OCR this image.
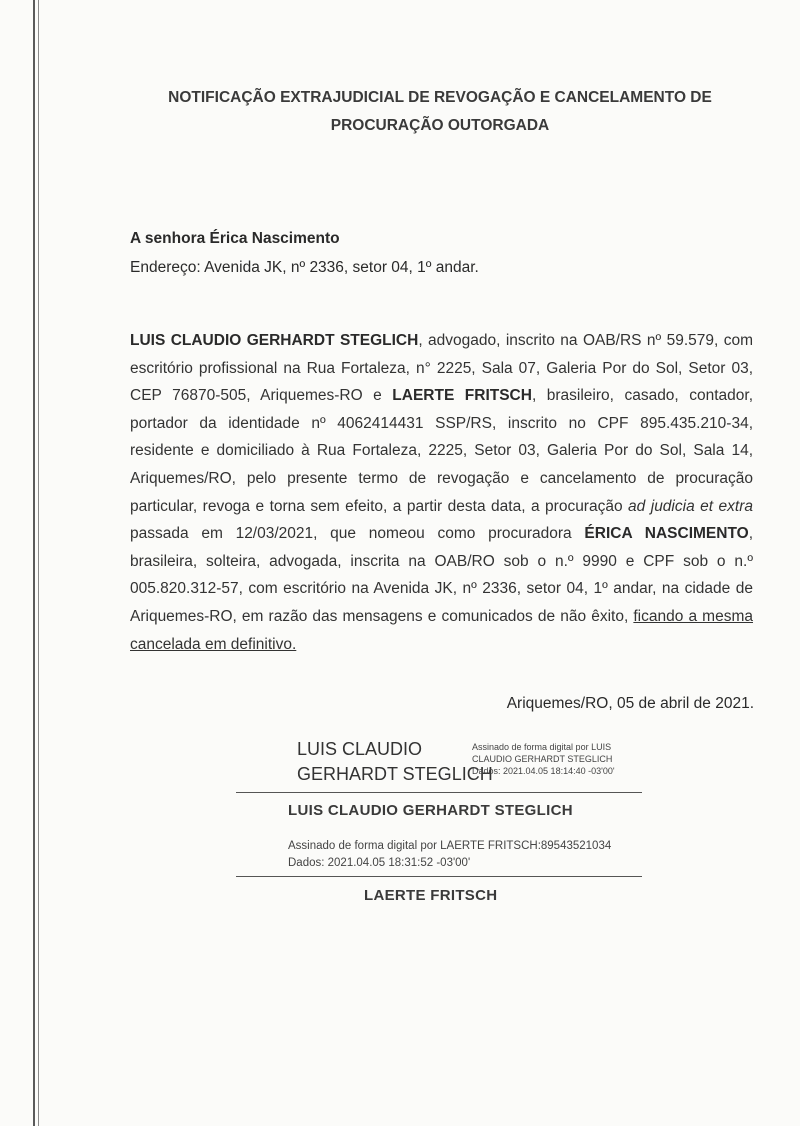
NOTIFICAÇÃO EXTRAJUDICIAL DE REVOGAÇÃO E CANCELAMENTO DE
PROCURAÇÃO OUTORGADA
A senhora Érica Nascimento
Endereço: Avenida JK, nº 2336, setor 04, 1º andar.
LUIS CLAUDIO GERHARDT STEGLICH, advogado, inscrito na OAB/RS nº 59.579, com escritório profissional na Rua Fortaleza, n° 2225, Sala 07, Galeria Por do Sol, Setor 03, CEP 76870-505, Ariquemes-RO e LAERTE FRITSCH, brasileiro, casado, contador, portador da identidade nº 4062414431 SSP/RS, inscrito no CPF 895.435.210-34, residente e domiciliado à Rua Fortaleza, 2225, Setor 03, Galeria Por do Sol, Sala 14, Ariquemes/RO, pelo presente termo de revogação e cancelamento de procuração particular, revoga e torna sem efeito, a partir desta data, a procuração ad judicia et extra passada em 12/03/2021, que nomeou como procuradora ÉRICA NASCIMENTO, brasileira, solteira, advogada, inscrita na OAB/RO sob o n.º 9990 e CPF sob o n.º 005.820.312-57, com escritório na Avenida JK, nº 2336, setor 04, 1º andar, na cidade de Ariquemes-RO, em razão das mensagens e comunicados de não êxito, ficando a mesma cancelada em definitivo.
Ariquemes/RO, 05 de abril de 2021.
LUIS CLAUDIO
GERHARDT STEGLICH
Assinado de forma digital por LUIS
CLAUDIO GERHARDT STEGLICH
Dados: 2021.04.05 18:14:40 -03'00'
LUIS CLAUDIO GERHARDT STEGLICH
Assinado de forma digital por LAERTE FRITSCH:89543521034
Dados: 2021.04.05 18:31:52 -03'00'
LAERTE FRITSCH
